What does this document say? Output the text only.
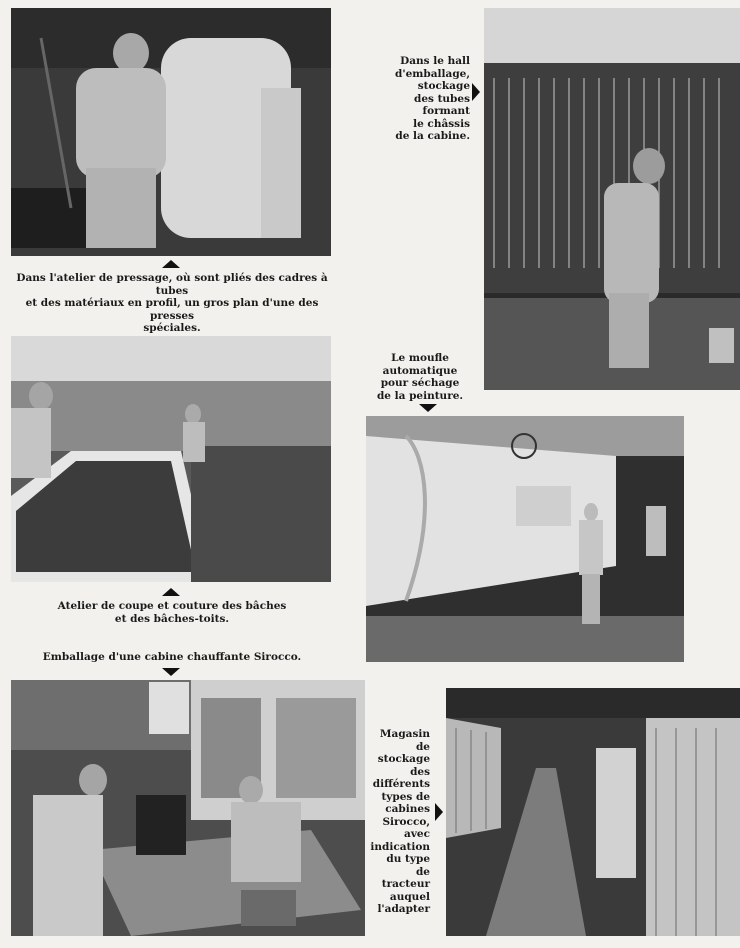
Dans l'atelier de pressage, où sont pliés des cadres à tubes
et des matériaux en profil, un gros plan d'une des presses
spéciales.
Dans le hall
d'emballage,
stockage
des tubes
formant
le châssis
de la cabine.
Atelier de coupe et couture des bâches
et des bâches-toits.
Le moufle
automatique
pour séchage
de la peinture.
Emballage d'une cabine chauffante Sirocco.
Magasin
de
stockage
des
différents
types de
cabines
Sirocco,
avec
indication
du type
de
tracteur
auquel
l'adapter
